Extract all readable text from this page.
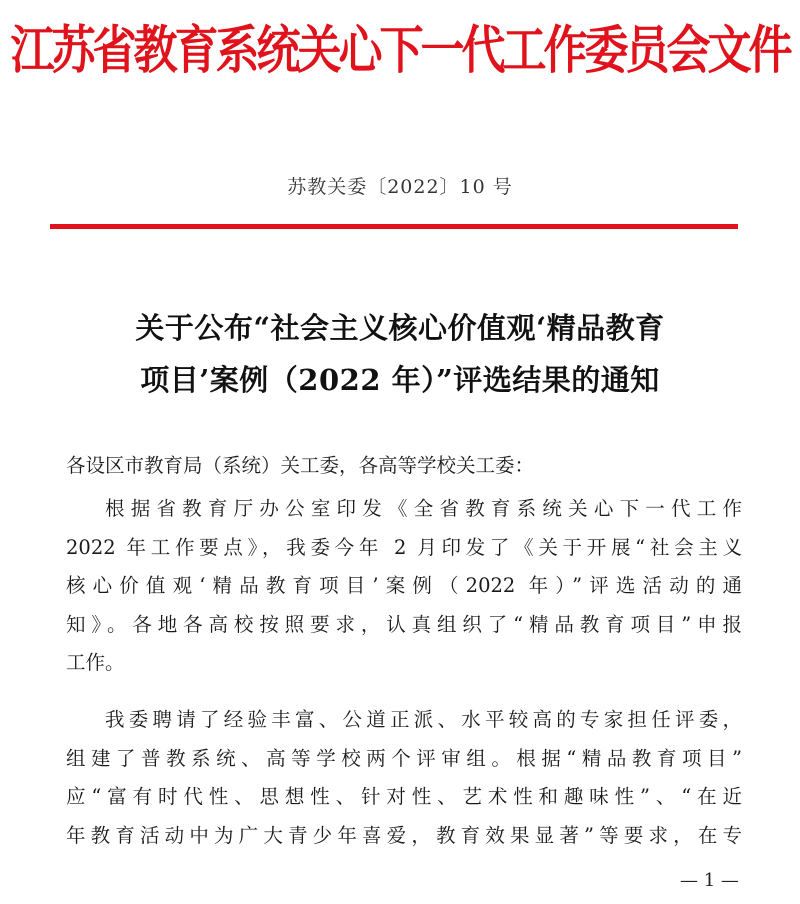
江苏省教育系统关心下一代工作委员会文件
苏教关委〔2022〕10 号
关于公布“社会主义核心价值观‘精品教育
项目’案例（2022 年）”评选结果的通知
各设区市教育局（系统）关工委，各高等学校关工委：
根据省教育厅办公室印发《全省教育系统关心下一代工作
2022 年工作要点》，我委今年 2 月印发了《关于开展“社会主义
核心价值观‘精品教育项目’案例（2022 年）”评选活动的通
知》。各地各高校按照要求，认真组织了“精品教育项目”申报
工作。
我委聘请了经验丰富、公道正派、水平较高的专家担任评委，
组建了普教系统、高等学校两个评审组。根据“精品教育项目”
应“富有时代性、思想性、针对性、艺术性和趣味性”、“在近
年教育活动中为广大青少年喜爱，教育效果显著”等要求，在专
— 1 —
